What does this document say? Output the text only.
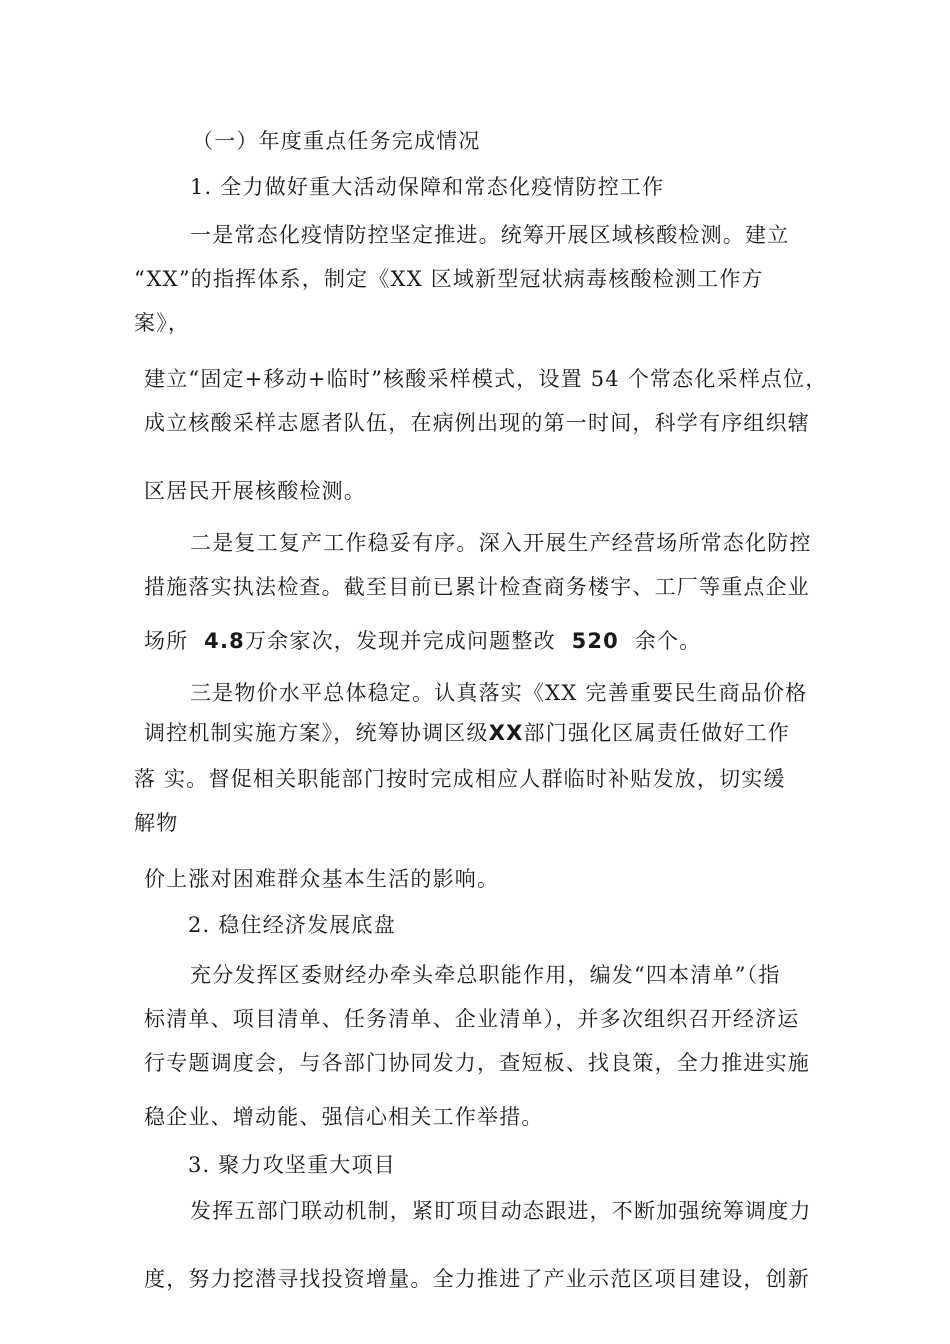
（一）年度重点任务完成情况

1. 全力做好重大活动保障和常态化疫情防控工作

一是常态化疫情防控坚定推进。统筹开展区域核酸检测。建立

“XX”的指挥体系，制定《XX 区域新型冠状病毒核酸检测工作方

案》，

建立“固定+移动+临时”核酸采样模式，设置 54 个常态化采样点位，

成立核酸采样志愿者队伍，在病例出现的第一时间，科学有序组织辖

区居民开展核酸检测。

二是复工复产工作稳妥有序。深入开展生产经营场所常态化防控

措施落实执法检查。截至目前已累计检查商务楼宇、工厂等重点企业

场所 4.8万余家次，发现并完成问题整改 520 余个。

三是物价水平总体稳定。认真落实《XX 完善重要民生商品价格

调控机制实施方案》，统筹协调区级XX部门强化区属责任做好工作

落 实。督促相关职能部门按时完成相应人群临时补贴发放，切实缓

解物

价上涨对困难群众基本生活的影响。

2. 稳住经济发展底盘

充分发挥区委财经办牵头牵总职能作用，编发“四本清单”（指

标清单、项目清单、任务清单、企业清单），并多次组织召开经济运

行专题调度会，与各部门协同发力，查短板、找良策，全力推进实施

稳企业、增动能、强信心相关工作举措。

3. 聚力攻坚重大项目

发挥五部门联动机制，紧盯项目动态跟进，不断加强统筹调度力

度，努力挖潜寻找投资增量。全力推进了产业示范区项目建设，创新
